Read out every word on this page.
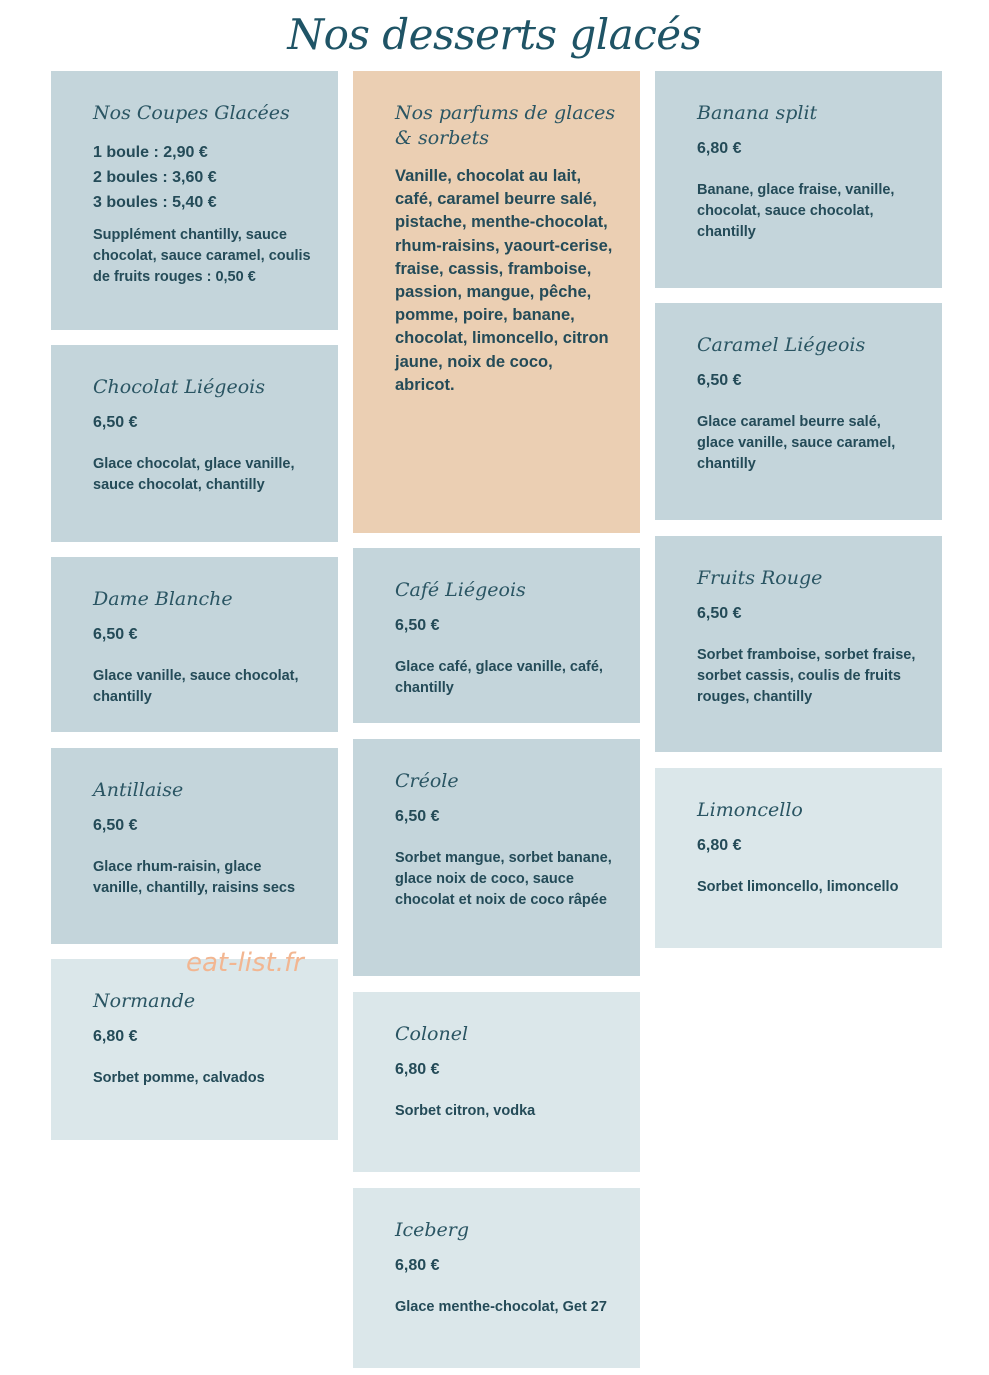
Nos desserts glacés
Nos Coupes Glacées
1 boule : 2,90 €
2 boules : 3,60 €
3 boules : 5,40 €
Supplément chantilly, sauce chocolat, sauce caramel, coulis de fruits rouges : 0,50 €
Chocolat Liégeois
6,50 €
Glace chocolat, glace vanille, sauce chocolat, chantilly
Dame Blanche
6,50 €
Glace vanille, sauce chocolat, chantilly
Antillaise
6,50 €
Glace rhum-raisin, glace vanille, chantilly, raisins secs
Normande
6,80 €
Sorbet pomme, calvados
Nos parfums de glaces & sorbets
Vanille, chocolat au lait, café, caramel beurre salé, pistache, menthe-chocolat, rhum-raisins, yaourt-cerise, fraise, cassis, framboise, passion, mangue, pêche, pomme, poire, banane, chocolat, limoncello, citron jaune, noix de coco, abricot.
Café Liégeois
6,50 €
Glace café, glace vanille, café, chantilly
Créole
6,50 €
Sorbet mangue, sorbet banane, glace noix de coco, sauce chocolat et noix de coco râpée
Colonel
6,80 €
Sorbet citron, vodka
Iceberg
6,80 €
Glace menthe-chocolat, Get 27
Banana split
6,80 €
Banane, glace fraise, vanille, chocolat, sauce chocolat, chantilly
Caramel Liégeois
6,50 €
Glace caramel beurre salé, glace vanille, sauce caramel, chantilly
Fruits Rouge
6,50 €
Sorbet framboise, sorbet fraise, sorbet cassis, coulis de fruits rouges, chantilly
Limoncello
6,80 €
Sorbet limoncello, limoncello
eat-list.fr
